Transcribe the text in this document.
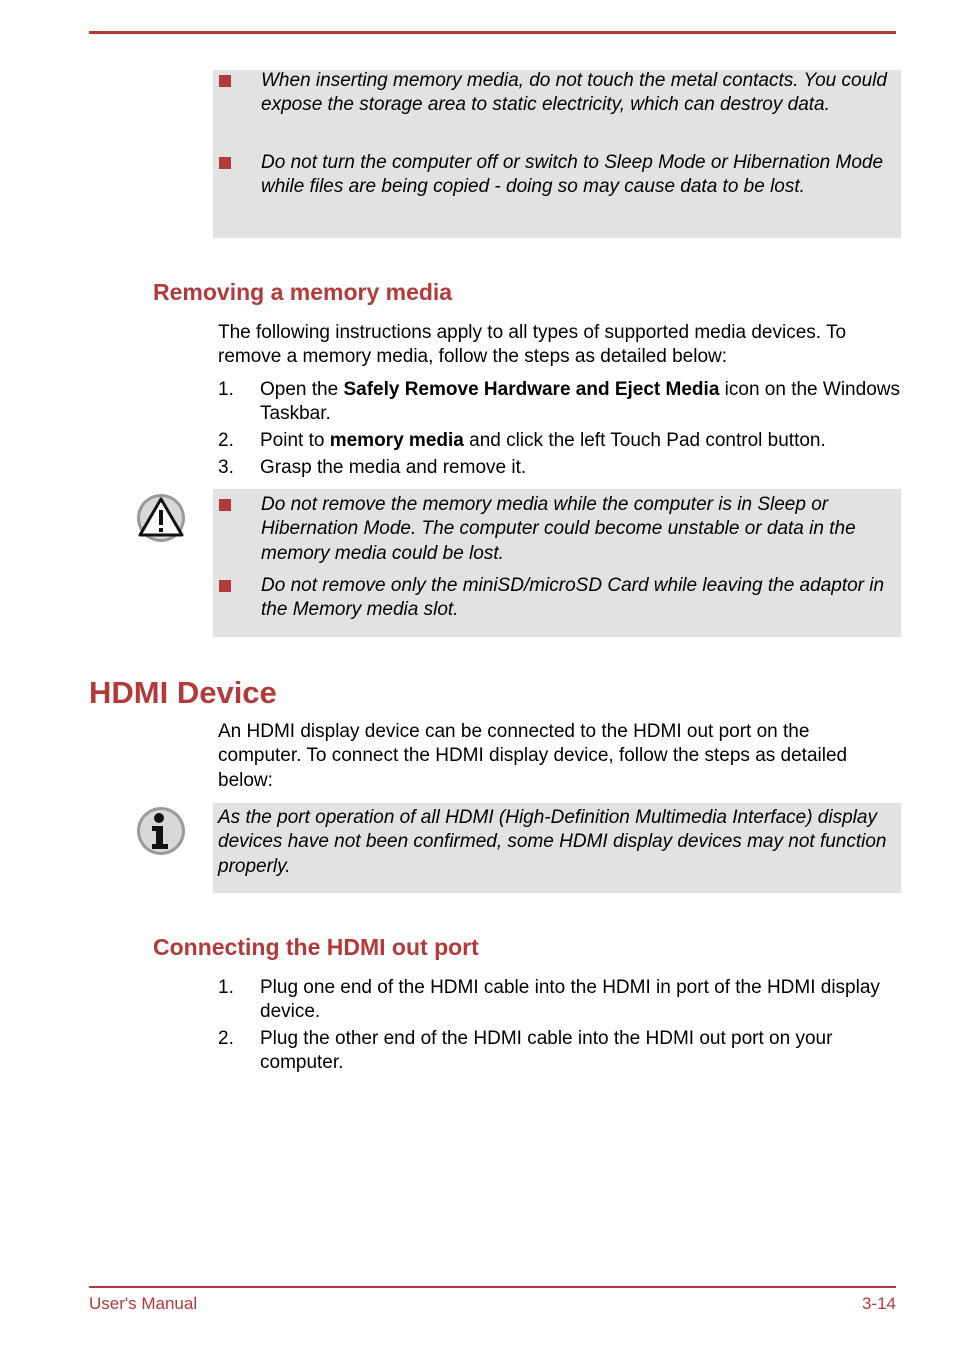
When inserting memory media, do not touch the metal contacts. You could expose the storage area to static electricity, which can destroy data.
Do not turn the computer off or switch to Sleep Mode or Hibernation Mode while files are being copied - doing so may cause data to be lost.
Removing a memory media
The following instructions apply to all types of supported media devices. To remove a memory media, follow the steps as detailed below:
1. Open the Safely Remove Hardware and Eject Media icon on the Windows Taskbar.
2. Point to memory media and click the left Touch Pad control button.
3. Grasp the media and remove it.
Do not remove the memory media while the computer is in Sleep or Hibernation Mode. The computer could become unstable or data in the memory media could be lost.
Do not remove only the miniSD/microSD Card while leaving the adaptor in the Memory media slot.
HDMI Device
An HDMI display device can be connected to the HDMI out port on the computer. To connect the HDMI display device, follow the steps as detailed below:
As the port operation of all HDMI (High-Definition Multimedia Interface) display devices have not been confirmed, some HDMI display devices may not function properly.
Connecting the HDMI out port
1. Plug one end of the HDMI cable into the HDMI in port of the HDMI display device.
2. Plug the other end of the HDMI cable into the HDMI out port on your computer.
User's Manual	3-14
